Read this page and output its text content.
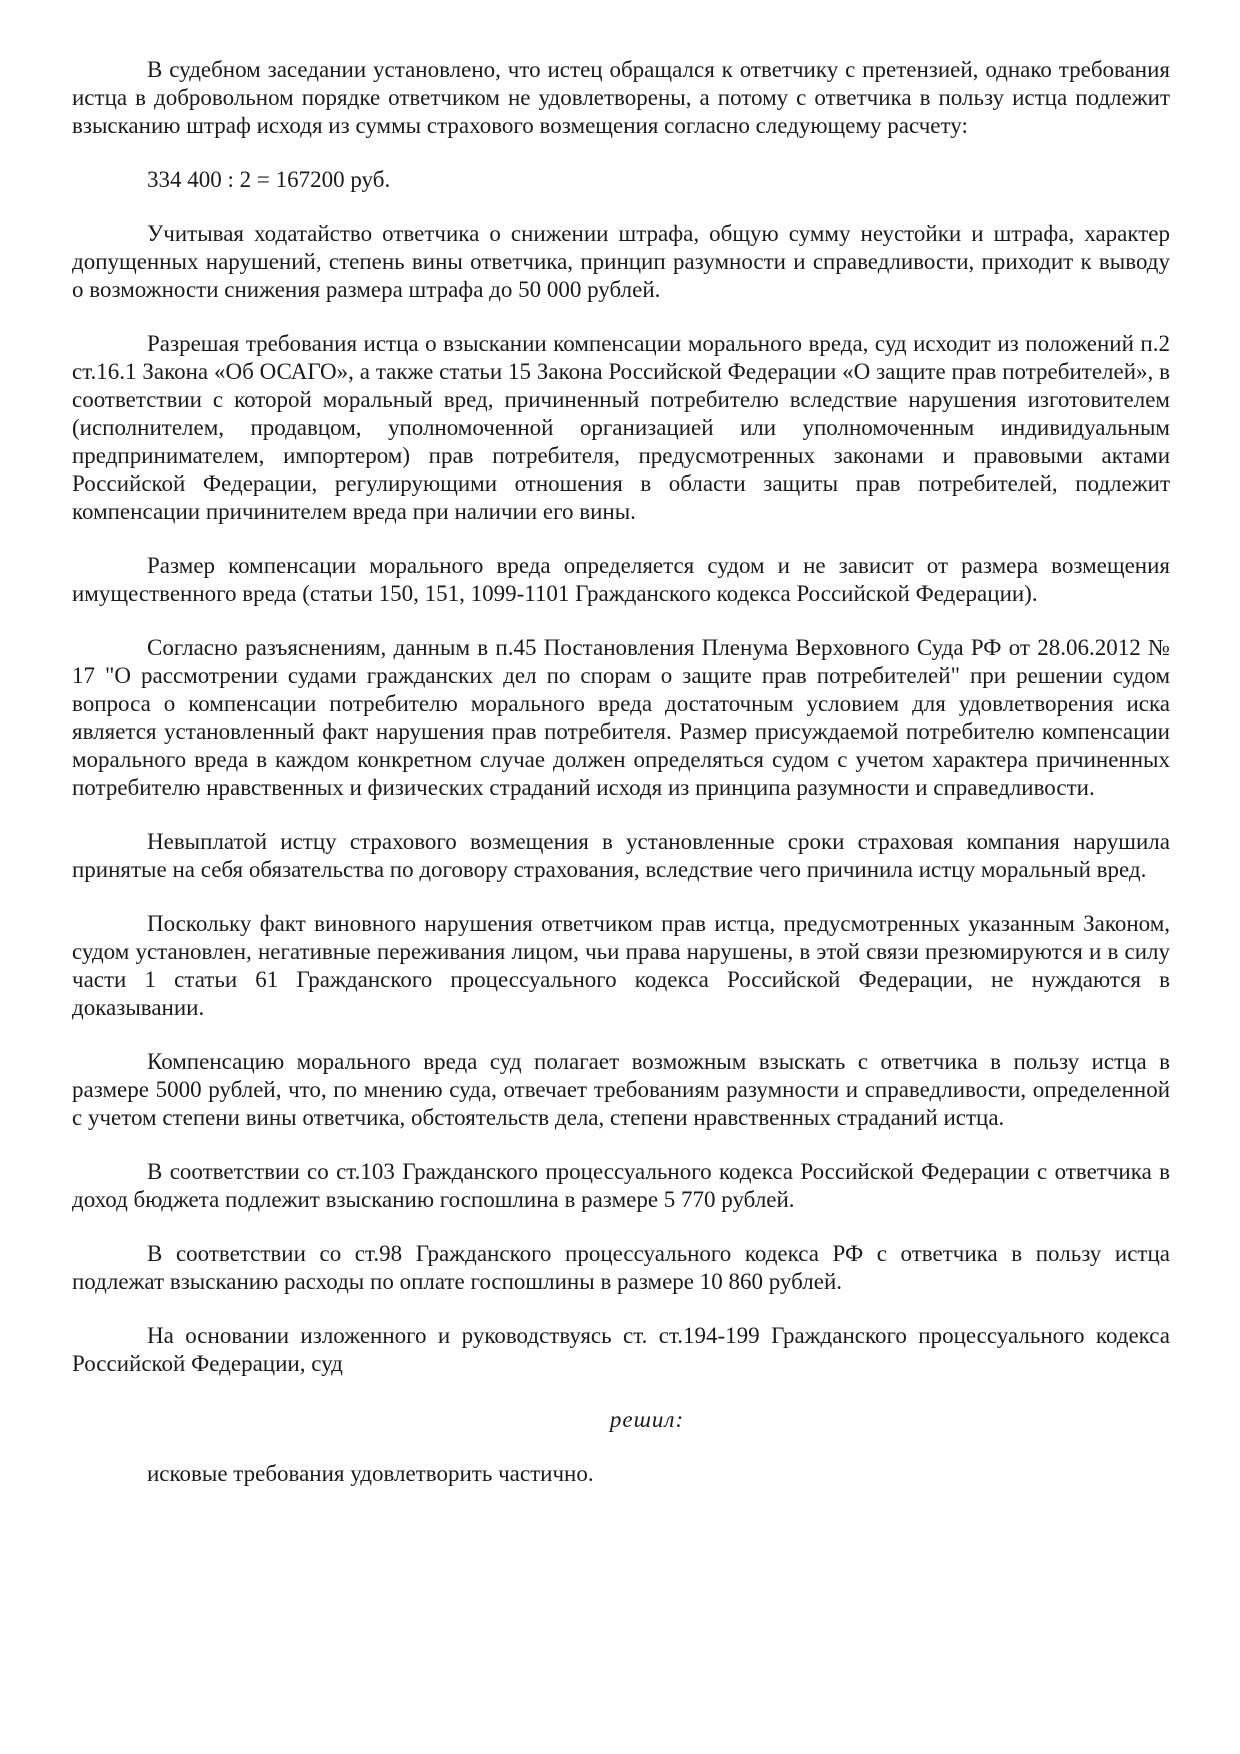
В судебном заседании установлено, что истец обращался к ответчику с претензией, однако требования истца в добровольном порядке ответчиком не удовлетворены, а потому с ответчика в пользу истца подлежит взысканию штраф исходя из суммы страхового возмещения согласно следующему расчету:

334 400 : 2 = 167200 руб.

Учитывая ходатайство ответчика о снижении штрафа, общую сумму неустойки и штрафа, характер допущенных нарушений, степень вины ответчика, принцип разумности и справедливости, приходит к выводу о возможности снижения размера штрафа до 50 000 рублей.

Разрешая требования истца о взыскании компенсации морального вреда, суд исходит из положений п.2 ст.16.1 Закона «Об ОСАГО», а также статьи 15 Закона Российской Федерации «О защите прав потребителей», в соответствии с которой моральный вред, причиненный потребителю вследствие нарушения изготовителем (исполнителем, продавцом, уполномоченной организацией или уполномоченным индивидуальным предпринимателем, импортером) прав потребителя, предусмотренных законами и правовыми актами Российской Федерации, регулирующими отношения в области защиты прав потребителей, подлежит компенсации причинителем вреда при наличии его вины.

Размер компенсации морального вреда определяется судом и не зависит от размера возмещения имущественного вреда (статьи 150, 151, 1099-1101 Гражданского кодекса Российской Федерации).

Согласно разъяснениям, данным в п.45 Постановления Пленума Верховного Суда РФ от 28.06.2012 № 17 "О рассмотрении судами гражданских дел по спорам о защите прав потребителей" при решении судом вопроса о компенсации потребителю морального вреда достаточным условием для удовлетворения иска является установленный факт нарушения прав потребителя. Размер присуждаемой потребителю компенсации морального вреда в каждом конкретном случае должен определяться судом с учетом характера причиненных потребителю нравственных и физических страданий исходя из принципа разумности и справедливости.

Невыплатой истцу страхового возмещения в установленные сроки страховая компания нарушила принятые на себя обязательства по договору страхования, вследствие чего причинила истцу моральный вред.

Поскольку факт виновного нарушения ответчиком прав истца, предусмотренных указанным Законом, судом установлен, негативные переживания лицом, чьи права нарушены, в этой связи презюмируются и в силу части 1 статьи 61 Гражданского процессуального кодекса Российской Федерации, не нуждаются в доказывании.

Компенсацию морального вреда суд полагает возможным взыскать с ответчика в пользу истца в размере 5000 рублей, что, по мнению суда, отвечает требованиям разумности и справедливости, определенной с учетом степени вины ответчика, обстоятельств дела, степени нравственных страданий истца.

В соответствии со ст.103 Гражданского процессуального кодекса Российской Федерации с ответчика в доход бюджета подлежит взысканию госпошлина в размере 5 770 рублей.

В соответствии со ст.98 Гражданского процессуального кодекса РФ с ответчика в пользу истца подлежат взысканию расходы по оплате госпошлины в размере 10 860 рублей.

На основании изложенного и руководствуясь ст. ст.194-199 Гражданского процессуального кодекса Российской Федерации, суд

решил:

исковые требования удовлетворить частично.
